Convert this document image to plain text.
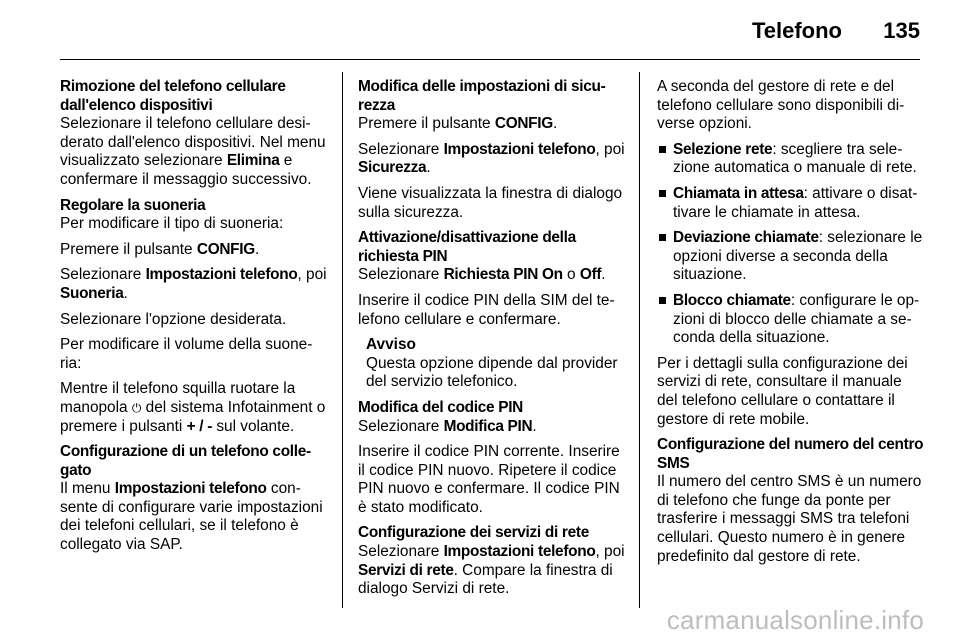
Telefono 135

Rimozione del telefono cellulare dall'elenco dispositivi

Selezionare il telefono cellulare desiderato dall'elenco dispositivi. Nel menu visualizzato selezionare Elimina e confermare il messaggio successivo.

Regolare la suoneria

Per modificare il tipo di suoneria:

Premere il pulsante CONFIG.

Selezionare Impostazioni telefono, poi Suoneria.

Selezionare l'opzione desiderata.

Per modificare il volume della suoneria:

Mentre il telefono squilla ruotare la manopola ⏻ del sistema Infotainment o premere i pulsanti + / - sul volante.

Configurazione di un telefono collegato

Il menu Impostazioni telefono consente di configurare varie impostazioni dei telefoni cellulari, se il telefono è collegato via SAP.

Modifica delle impostazioni di sicurezza

Premere il pulsante CONFIG.

Selezionare Impostazioni telefono, poi Sicurezza.

Viene visualizzata la finestra di dialogo sulla sicurezza.

Attivazione/disattivazione della richiesta PIN

Selezionare Richiesta PIN On o Off.

Inserire il codice PIN della SIM del telefono cellulare e confermare.

Avviso
Questa opzione dipende dal provider del servizio telefonico.

Modifica del codice PIN

Selezionare Modifica PIN.

Inserire il codice PIN corrente. Inserire il codice PIN nuovo. Ripetere il codice PIN nuovo e confermare. Il codice PIN è stato modificato.

Configurazione dei servizi di rete

Selezionare Impostazioni telefono, poi Servizi di rete. Compare la finestra di dialogo Servizi di rete.

A seconda del gestore di rete e del telefono cellulare sono disponibili diverse opzioni.

Selezione rete: scegliere tra selezione automatica o manuale di rete.
Chiamata in attesa: attivare o disattivare le chiamate in attesa.
Deviazione chiamate: selezionare le opzioni diverse a seconda della situazione.
Blocco chiamate: configurare le opzioni di blocco delle chiamate a seconda della situazione.

Per i dettagli sulla configurazione dei servizi di rete, consultare il manuale del telefono cellulare o contattare il gestore di rete mobile.

Configurazione del numero del centro SMS

Il numero del centro SMS è un numero di telefono che funge da ponte per trasferire i messaggi SMS tra telefoni cellulari. Questo numero è in genere predefinito dal gestore di rete.

carmanualsonline.info
